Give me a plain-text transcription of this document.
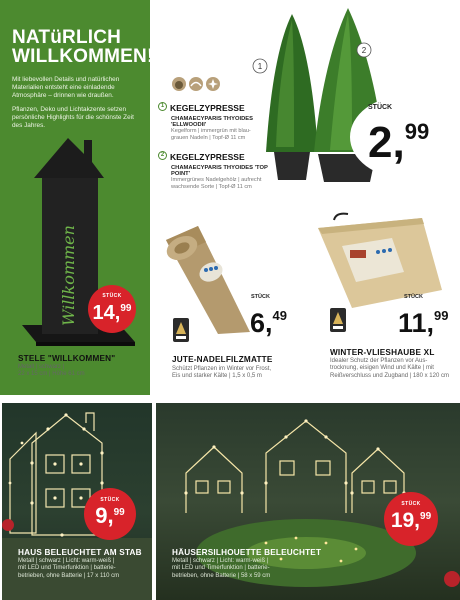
NATüRLICH
WILLKOMMEN!

Mit liebevollen Details und natürlichen Materialien entsteht eine einladende Atmosphäre – drinnen wie draußen.

Pflanzen, Deko und Lichtakzente setzen persönliche Highlights für die schönste Zeit des Jahres.

Willkommen	STÜCK
14,99
STELE "WILLKOMMEN"
Metall | schwarz |
22 x 15 cm | Höhe 61 cm
1 KEGELZYPRESSE
CHAMAECYPARIS THYOIDES
'ELLWOODII'
Kegelform | immergrün mit blau-
grauen Nadeln | Topf-Ø 11 cm
2 KEGELZYPRESSE
CHAMAECYPARIS THYOIDES 'TOP POINT'
Immergrünes Nadelgehölz | aufrecht
wachsende Sorte | Topf-Ø 11 cm
1
2
STÜCK
2,99
STÜCK
6,49
JUTE-NADELFILZMATTE
Schützt Pflanzen im Winter vor Frost,
Eis und starker Kälte | 1,5 x 0,5 m
STÜCK
11,99
WINTER-VLIESHAUBE XL
Idealer Schutz der Pflanzen vor Aus-
trocknung, eisigen Wind und Kälte | mit
Reißverschluss und Zugband | 180 x 120 cm
STÜCK
9,99
HAUS BELEUCHTET AM STAB
Metall | schwarz | Licht: warm-weiß |
mit LED und Timerfunktion | batterie-
betrieben, ohne Batterie | 17 x 110 cm
STÜCK
19,99
HÄUSERSILHOUETTE BELEUCHTET
Metall | schwarz | Licht: warm-weiß |
mit LED und Timerfunktion | batterie-
betrieben, ohne Batterie | 58 x 59 cm
